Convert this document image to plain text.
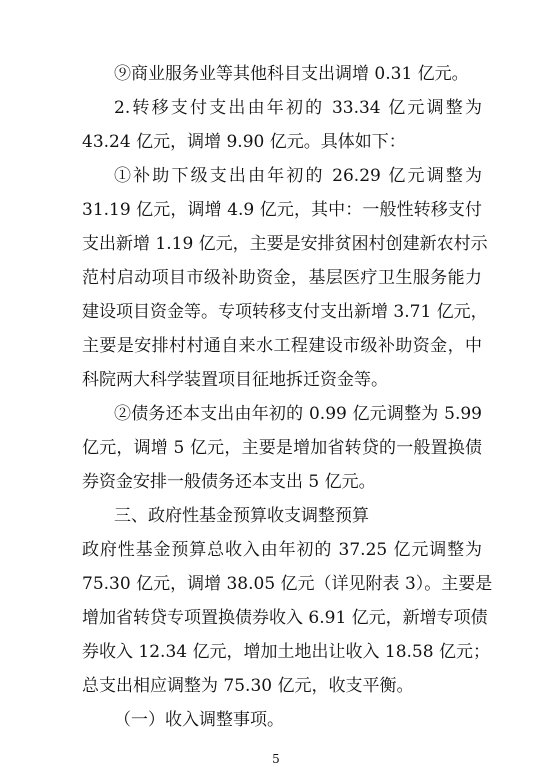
⑨商业服务业等其他科目支出调增 0.31 亿元。
2.转移支付支出由年初的 33.34 亿元调整为
43.24 亿元，调增 9.90 亿元。具体如下：
①补助下级支出由年初的 26.29 亿元调整为
31.19 亿元，调增 4.9 亿元，其中：一般性转移支付
支出新增 1.19 亿元，主要是安排贫困村创建新农村示
范村启动项目市级补助资金，基层医疗卫生服务能力
建设项目资金等。专项转移支付支出新增 3.71 亿元，
主要是安排村村通自来水工程建设市级补助资金，中
科院两大科学装置项目征地拆迁资金等。
②债务还本支出由年初的 0.99 亿元调整为 5.99
亿元，调增 5 亿元，主要是增加省转贷的一般置换债
券资金安排一般债务还本支出 5 亿元。
三、政府性基金预算收支调整预算
政府性基金预算总收入由年初的 37.25 亿元调整为
75.30 亿元，调增 38.05 亿元（详见附表 3）。主要是
增加省转贷专项置换债券收入 6.91 亿元，新增专项债
券收入 12.34 亿元，增加土地出让收入 18.58 亿元；
总支出相应调整为 75.30 亿元，收支平衡。
（一）收入调整事项。
5
